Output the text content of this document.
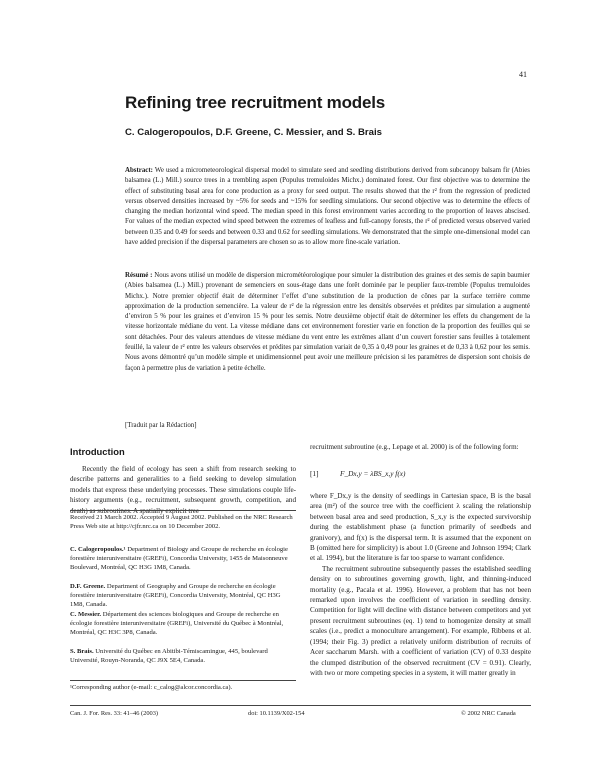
41
Refining tree recruitment models
C. Calogeropoulos, D.F. Greene, C. Messier, and S. Brais
Abstract: We used a micrometeorological dispersal model to simulate seed and seedling distributions derived from subcanopy balsam fir (Abies balsamea (L.) Mill.) source trees in a trembling aspen (Populus tremuloides Michx.) dominated forest. Our first objective was to determine the effect of substituting basal area for cone production as a proxy for seed output. The results showed that the r² from the regression of predicted versus observed densities increased by ~5% for seeds and ~15% for seedling simulations. Our second objective was to determine the effects of changing the median horizontal wind speed. The median speed in this forest environment varies according to the proportion of leaves abscised. For values of the median expected wind speed between the extremes of leafless and full-canopy forests, the r² of predicted versus observed varied between 0.35 and 0.49 for seeds and between 0.33 and 0.62 for seedling simulations. We demonstrated that the simple one-dimensional model can have added precision if the dispersal parameters are chosen so as to allow more fine-scale variation.
Résumé : Nous avons utilisé un modèle de dispersion micrométéorologique pour simuler la distribution des graines et des semis de sapin baumier (Abies balsamea (L.) Mill.) provenant de semenciers en sous-étage dans une forêt dominée par le peuplier faux-tremble (Populus tremuloides Michx.). Notre premier objectif était de déterminer l’effet d’une substitution de la production de cônes par la surface terrière comme approximation de la production semencière. La valeur de r² de la régression entre les densités observées et prédites par simulation a augmenté d’environ 5 % pour les graines et d’environ 15 % pour les semis. Notre deuxième objectif était de déterminer les effets du changement de la vitesse horizontale médiane du vent. La vitesse médiane dans cet environnement forestier varie en fonction de la proportion des feuilles qui se sont détachées. Pour des valeurs attendues de vitesse médiane du vent entre les extrêmes allant d’un couvert forestier sans feuilles à totalement feuillé, la valeur de r² entre les valeurs observées et prédites par simulation variait de 0,35 à 0,49 pour les graines et de 0,33 à 0,62 pour les semis. Nous avons démontré qu’un modèle simple et unidimensionnel peut avoir une meilleure précision si les paramètres de dispersion sont choisis de façon à permettre plus de variation à petite échelle.
[Traduit par la Rédaction]
Introduction
Recently the field of ecology has seen a shift from research seeking to describe patterns and generalities to a field seeking to develop simulation models that express these underlying processes. These simulations couple life-history arguments (e.g., recruitment, subsequent growth, competition, and death) as subroutines. A spatially explicit tree
Received 21 March 2002. Accepted 9 August 2002. Published on the NRC Research Press Web site at http://cjfr.nrc.ca on 10 December 2002.
C. Calogeropoulos.¹ Department of Biology and Groupe de recherche en écologie forestière interuniversitaire (GREFi), Concordia University, 1455 de Maisonneuve Boulevard, Montréal, QC H3G 1M8, Canada.
D.F. Greene. Department of Geography and Groupe de recherche en écologie forestière interuniversitaire (GREFi), Concordia University, Montréal, QC H3G 1M8, Canada.
C. Messier. Département des sciences biologiques and Groupe de recherche en écologie forestière interuniversitaire (GREFi), Université du Québec à Montréal, Montréal, QC H3C 3P8, Canada.
S. Brais. Université du Québec en Abitibi-Témiscamingue, 445, boulevard Université, Rouyn-Noranda, QC J9X 5E4, Canada.
¹Corresponding author (e-mail: c_calog@alcor.concordia.ca).
recruitment subroutine (e.g., Lepage et al. 2000) is of the following form:
[1]	F_Dx,y = λBS_x,y f(x)

where F_Dx,y is the density of seedlings in Cartesian space, B is the basal area (m²) of the source tree with the coefficient λ scaling the relationship between basal area and seed production, S_x,y is the expected survivorship during the establishment phase (a function primarily of seedbeds and granivory), and f(x) is the dispersal term. It is assumed that the exponent on B (omitted here for simplicity) is about 1.0 (Greene and Johnson 1994; Clark et al. 1994), but the literature is far too sparse to warrant confidence.

The recruitment subroutine subsequently passes the established seedling density on to subroutines governing growth, light, and thinning-induced mortality (e.g., Pacala et al. 1996). However, a problem that has not been remarked upon involves the coefficient of variation in seedling density. Competition for light will decline with distance between competitors and yet present recruitment subroutines (eq. 1) tend to homogenize density at small scales (i.e., predict a monoculture arrangement). For example, Ribbens et al. (1994; their Fig. 3) predict a relatively uniform distribution of recruits of Acer saccharum Marsh. with a coefficient of variation (CV) of 0.33 despite the clumped distribution of the observed recruitment (CV = 0.91). Clearly, with two or more competing species in a system, it will matter greatly in

Can. J. For. Res. 33: 41–46 (2003)	doi: 10.1139/X02-154	© 2002 NRC Canada
